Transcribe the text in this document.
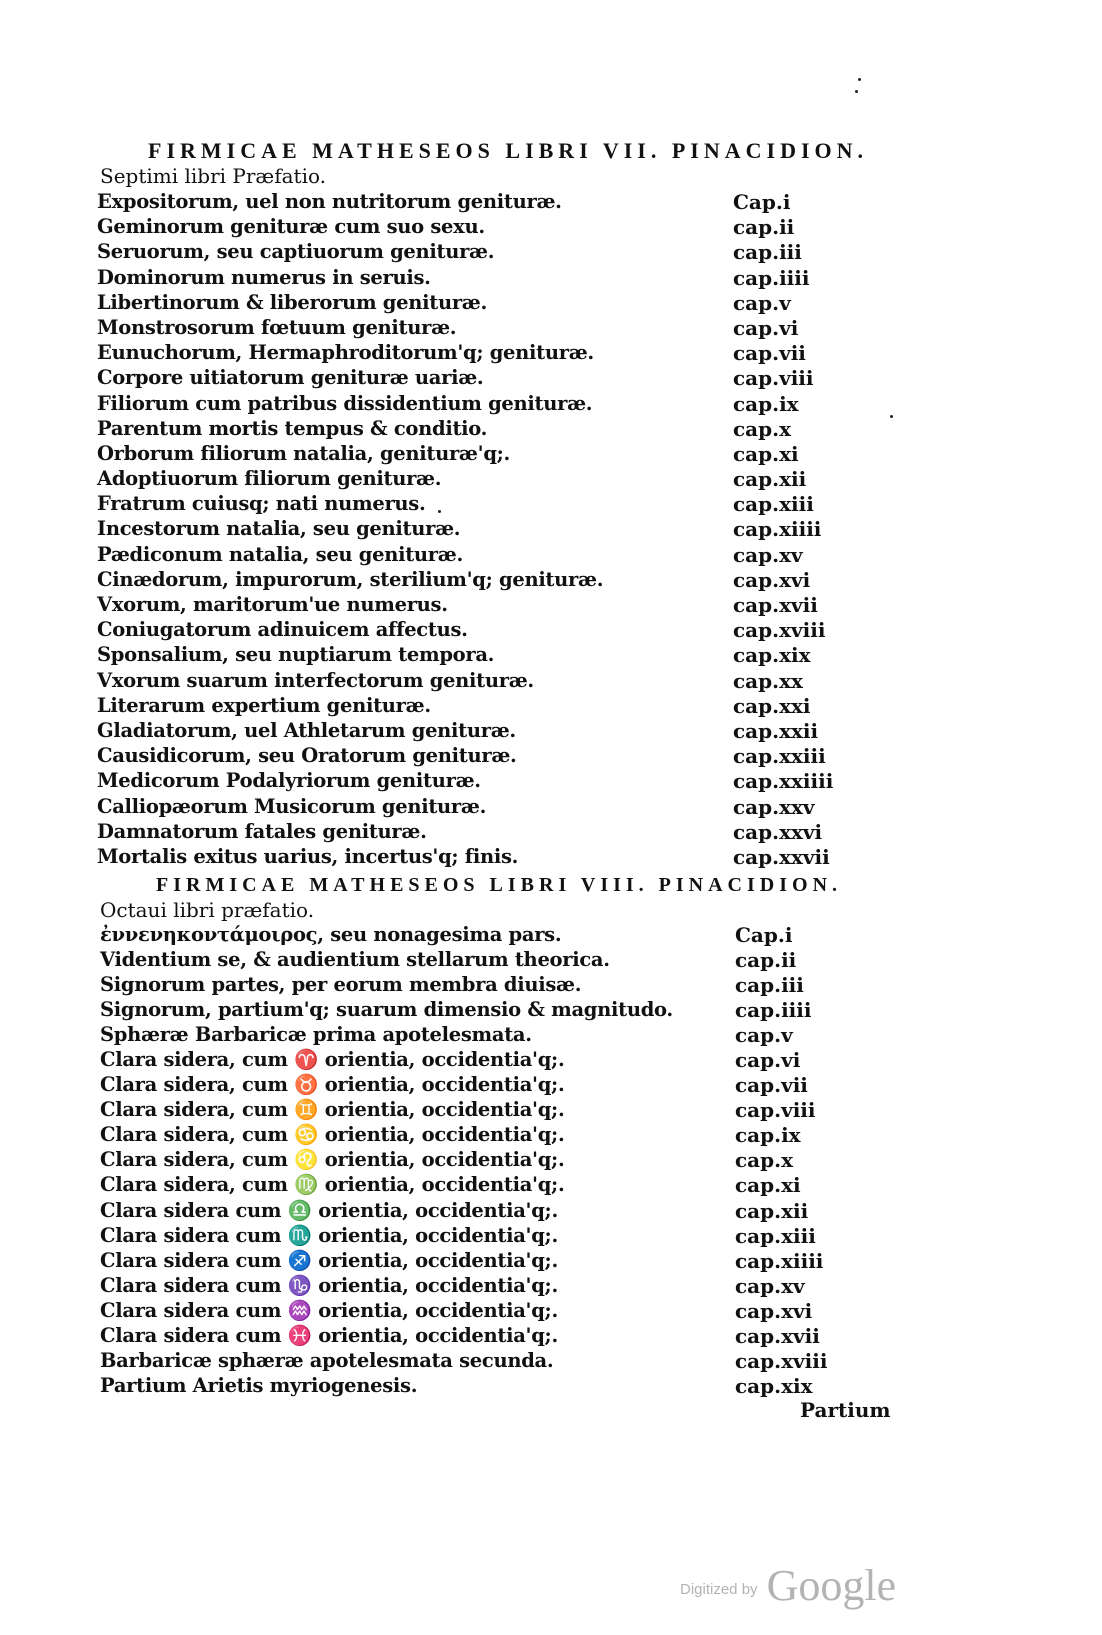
FIRMICAE MATHESEOS LIBRI VII. PINACIDION.
Septimi libri Præfatio.
Expositorum, uel non nutritorum genituræ.	Cap.i
Geminorum genituræ cum suo sexu.	cap.ii
Seruorum, seu captiuorum genituræ.	cap.iii
Dominorum numerus in seruis.	cap.iiii
Libertinorum & liberorum genituræ.	cap.v
Monstrosorum fœtuum genituræ.	cap.vi
Eunuchorum, Hermaphroditorum'q; genituræ.	cap.vii
Corpore uitiatorum genituræ uariæ.	cap.viii
Filiorum cum patribus dissidentium genituræ.	cap.ix
Parentum mortis tempus & conditio.	cap.x
Orborum filiorum natalia, genituræ'q;.	cap.xi
Adoptiuorum filiorum genituræ.	cap.xii
Fratrum cuiusq; nati numerus.	cap.xiii
Incestorum natalia, seu genituræ.	cap.xiiii
Pædiconum natalia, seu genituræ.	cap.xv
Cinædorum, impurorum, sterilium'q; genituræ.	cap.xvi
Vxorum, maritorum'ue numerus.	cap.xvii
Coniugatorum adinuicem affectus.	cap.xviii
Sponsalium, seu nuptiarum tempora.	cap.xix
Vxorum suarum interfectorum genituræ.	cap.xx
Literarum expertium genituræ.	cap.xxi
Gladiatorum, uel Athletarum genituræ.	cap.xxii
Causidicorum, seu Oratorum genituræ.	cap.xxiii
Medicorum Podalyriorum genituræ.	cap.xxiiii
Calliopæorum Musicorum genituræ.	cap.xxv
Damnatorum fatales genituræ.	cap.xxvi
Mortalis exitus uarius, incertus'q; finis.	cap.xxvii
FIRMICAE MATHESEOS LIBRI VIII. PINACIDION.
Octaui libri præfatio.
ἐννενηκοντάμοιρος, seu nonagesima pars.	Cap.i
Videntium se, & audientium stellarum theorica.	cap.ii
Signorum partes, per eorum membra diuisæ.	cap.iii
Signorum, partium'q; suarum dimensio & magnitudo.	cap.iiii
Sphæræ Barbaricæ prima apotelesmata.	cap.v
Clara sidera, cum ♈ orientia, occidentia'q;.	cap.vi
Clara sidera, cum ♉ orientia, occidentia'q;.	cap.vii
Clara sidera, cum ♊ orientia, occidentia'q;.	cap.viii
Clara sidera, cum ♋ orientia, occidentia'q;.	cap.ix
Clara sidera, cum ♌ orientia, occidentia'q;.	cap.x
Clara sidera, cum ♍ orientia, occidentia'q;.	cap.xi
Clara sidera cum ♎ orientia, occidentia'q;.	cap.xii
Clara sidera cum ♏ orientia, occidentia'q;.	cap.xiii
Clara sidera cum ♐ orientia, occidentia'q;.	cap.xiiii
Clara sidera cum ♑ orientia, occidentia'q;.	cap.xv
Clara sidera cum ♒ orientia, occidentia'q;.	cap.xvi
Clara sidera cum ♓ orientia, occidentia'q;.	cap.xvii
Barbaricæ sphæræ apotelesmata secunda.	cap.xviii
Partium Arietis myriogenesis.	cap.xix
Partium
Digitized by Google
